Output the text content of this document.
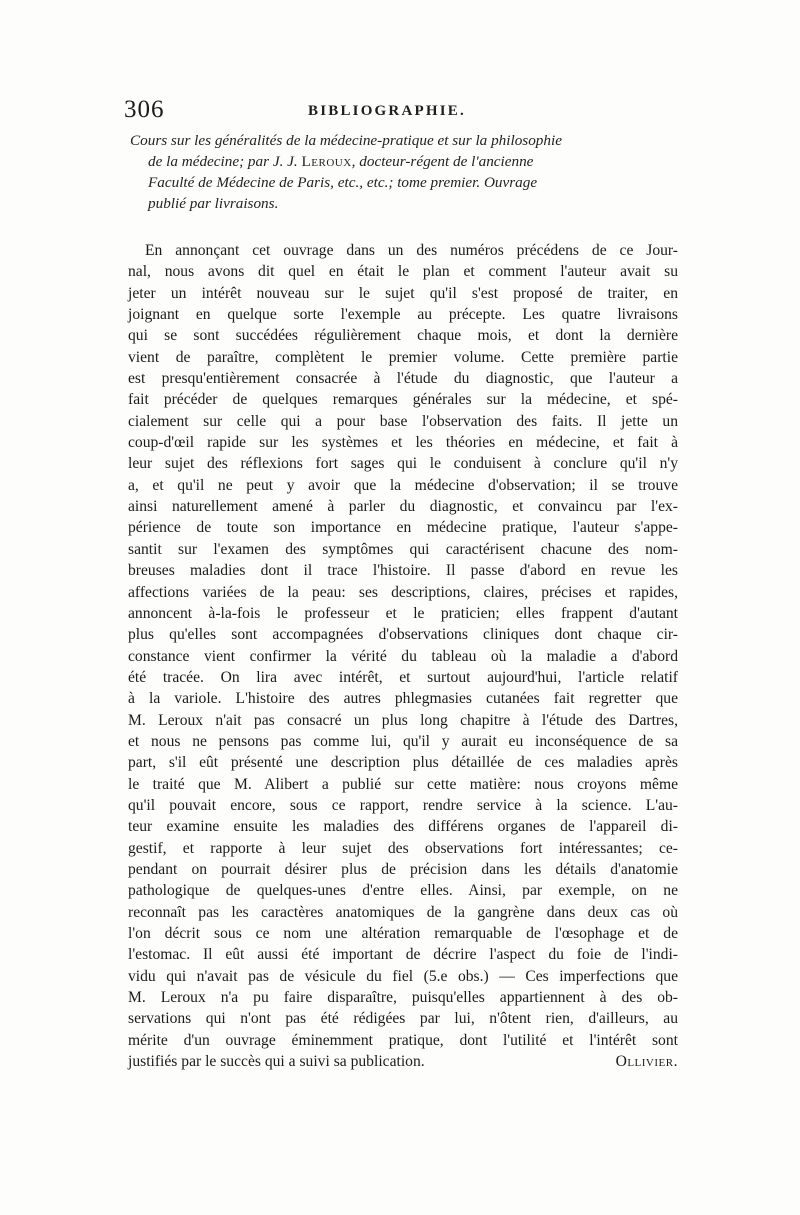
306	BIBLIOGRAPHIE.
Cours sur les généralités de la médecine-pratique et sur la philosophie
de la médecine; par J. J. Leroux, docteur-régent de l'ancienne
Faculté de Médecine de Paris, etc., etc.; tome premier. Ouvrage
publié par livraisons.
En annonçant cet ouvrage dans un des numéros précédens de ce Jour-
nal, nous avons dit quel en était le plan et comment l'auteur avait su
jeter un intérêt nouveau sur le sujet qu'il s'est proposé de traiter, en
joignant en quelque sorte l'exemple au précepte. Les quatre livraisons
qui se sont succédées régulièrement chaque mois, et dont la dernière
vient de paraître, complètent le premier volume. Cette première partie
est presqu'entièrement consacrée à l'étude du diagnostic, que l'auteur a
fait précéder de quelques remarques générales sur la médecine, et spé-
cialement sur celle qui a pour base l'observation des faits. Il jette un
coup-d'œil rapide sur les systèmes et les théories en médecine, et fait à
leur sujet des réflexions fort sages qui le conduisent à conclure qu'il n'y
a, et qu'il ne peut y avoir que la médecine d'observation; il se trouve
ainsi naturellement amené à parler du diagnostic, et convaincu par l'ex-
périence de toute son importance en médecine pratique, l'auteur s'appe-
santit sur l'examen des symptômes qui caractérisent chacune des nom-
breuses maladies dont il trace l'histoire. Il passe d'abord en revue les
affections variées de la peau: ses descriptions, claires, précises et rapides,
annoncent à-la-fois le professeur et le praticien; elles frappent d'autant
plus qu'elles sont accompagnées d'observations cliniques dont chaque cir-
constance vient confirmer la vérité du tableau où la maladie a d'abord
été tracée. On lira avec intérêt, et surtout aujourd'hui, l'article relatif
à la variole. L'histoire des autres phlegmasies cutanées fait regretter que
M. Leroux n'ait pas consacré un plus long chapitre à l'étude des Dartres,
et nous ne pensons pas comme lui, qu'il y aurait eu inconséquence de sa
part, s'il eût présenté une description plus détaillée de ces maladies après
le traité que M. Alibert a publié sur cette matière: nous croyons même
qu'il pouvait encore, sous ce rapport, rendre service à la science. L'au-
teur examine ensuite les maladies des différens organes de l'appareil di-
gestif, et rapporte à leur sujet des observations fort intéressantes; ce-
pendant on pourrait désirer plus de précision dans les détails d'anatomie
pathologique de quelques-unes d'entre elles. Ainsi, par exemple, on ne
reconnaît pas les caractères anatomiques de la gangrène dans deux cas où
l'on décrit sous ce nom une altération remarquable de l'œsophage et de
l'estomac. Il eût aussi été important de décrire l'aspect du foie de l'indi-
vidu qui n'avait pas de vésicule du fiel (5.e obs.) — Ces imperfections que
M. Leroux n'a pu faire disparaître, puisqu'elles appartiennent à des ob-
servations qui n'ont pas été rédigées par lui, n'ôtent rien, d'ailleurs, au
mérite d'un ouvrage éminemment pratique, dont l'utilité et l'intérêt sont
justifiés par le succès qui a suivi sa publication.	Ollivier.
